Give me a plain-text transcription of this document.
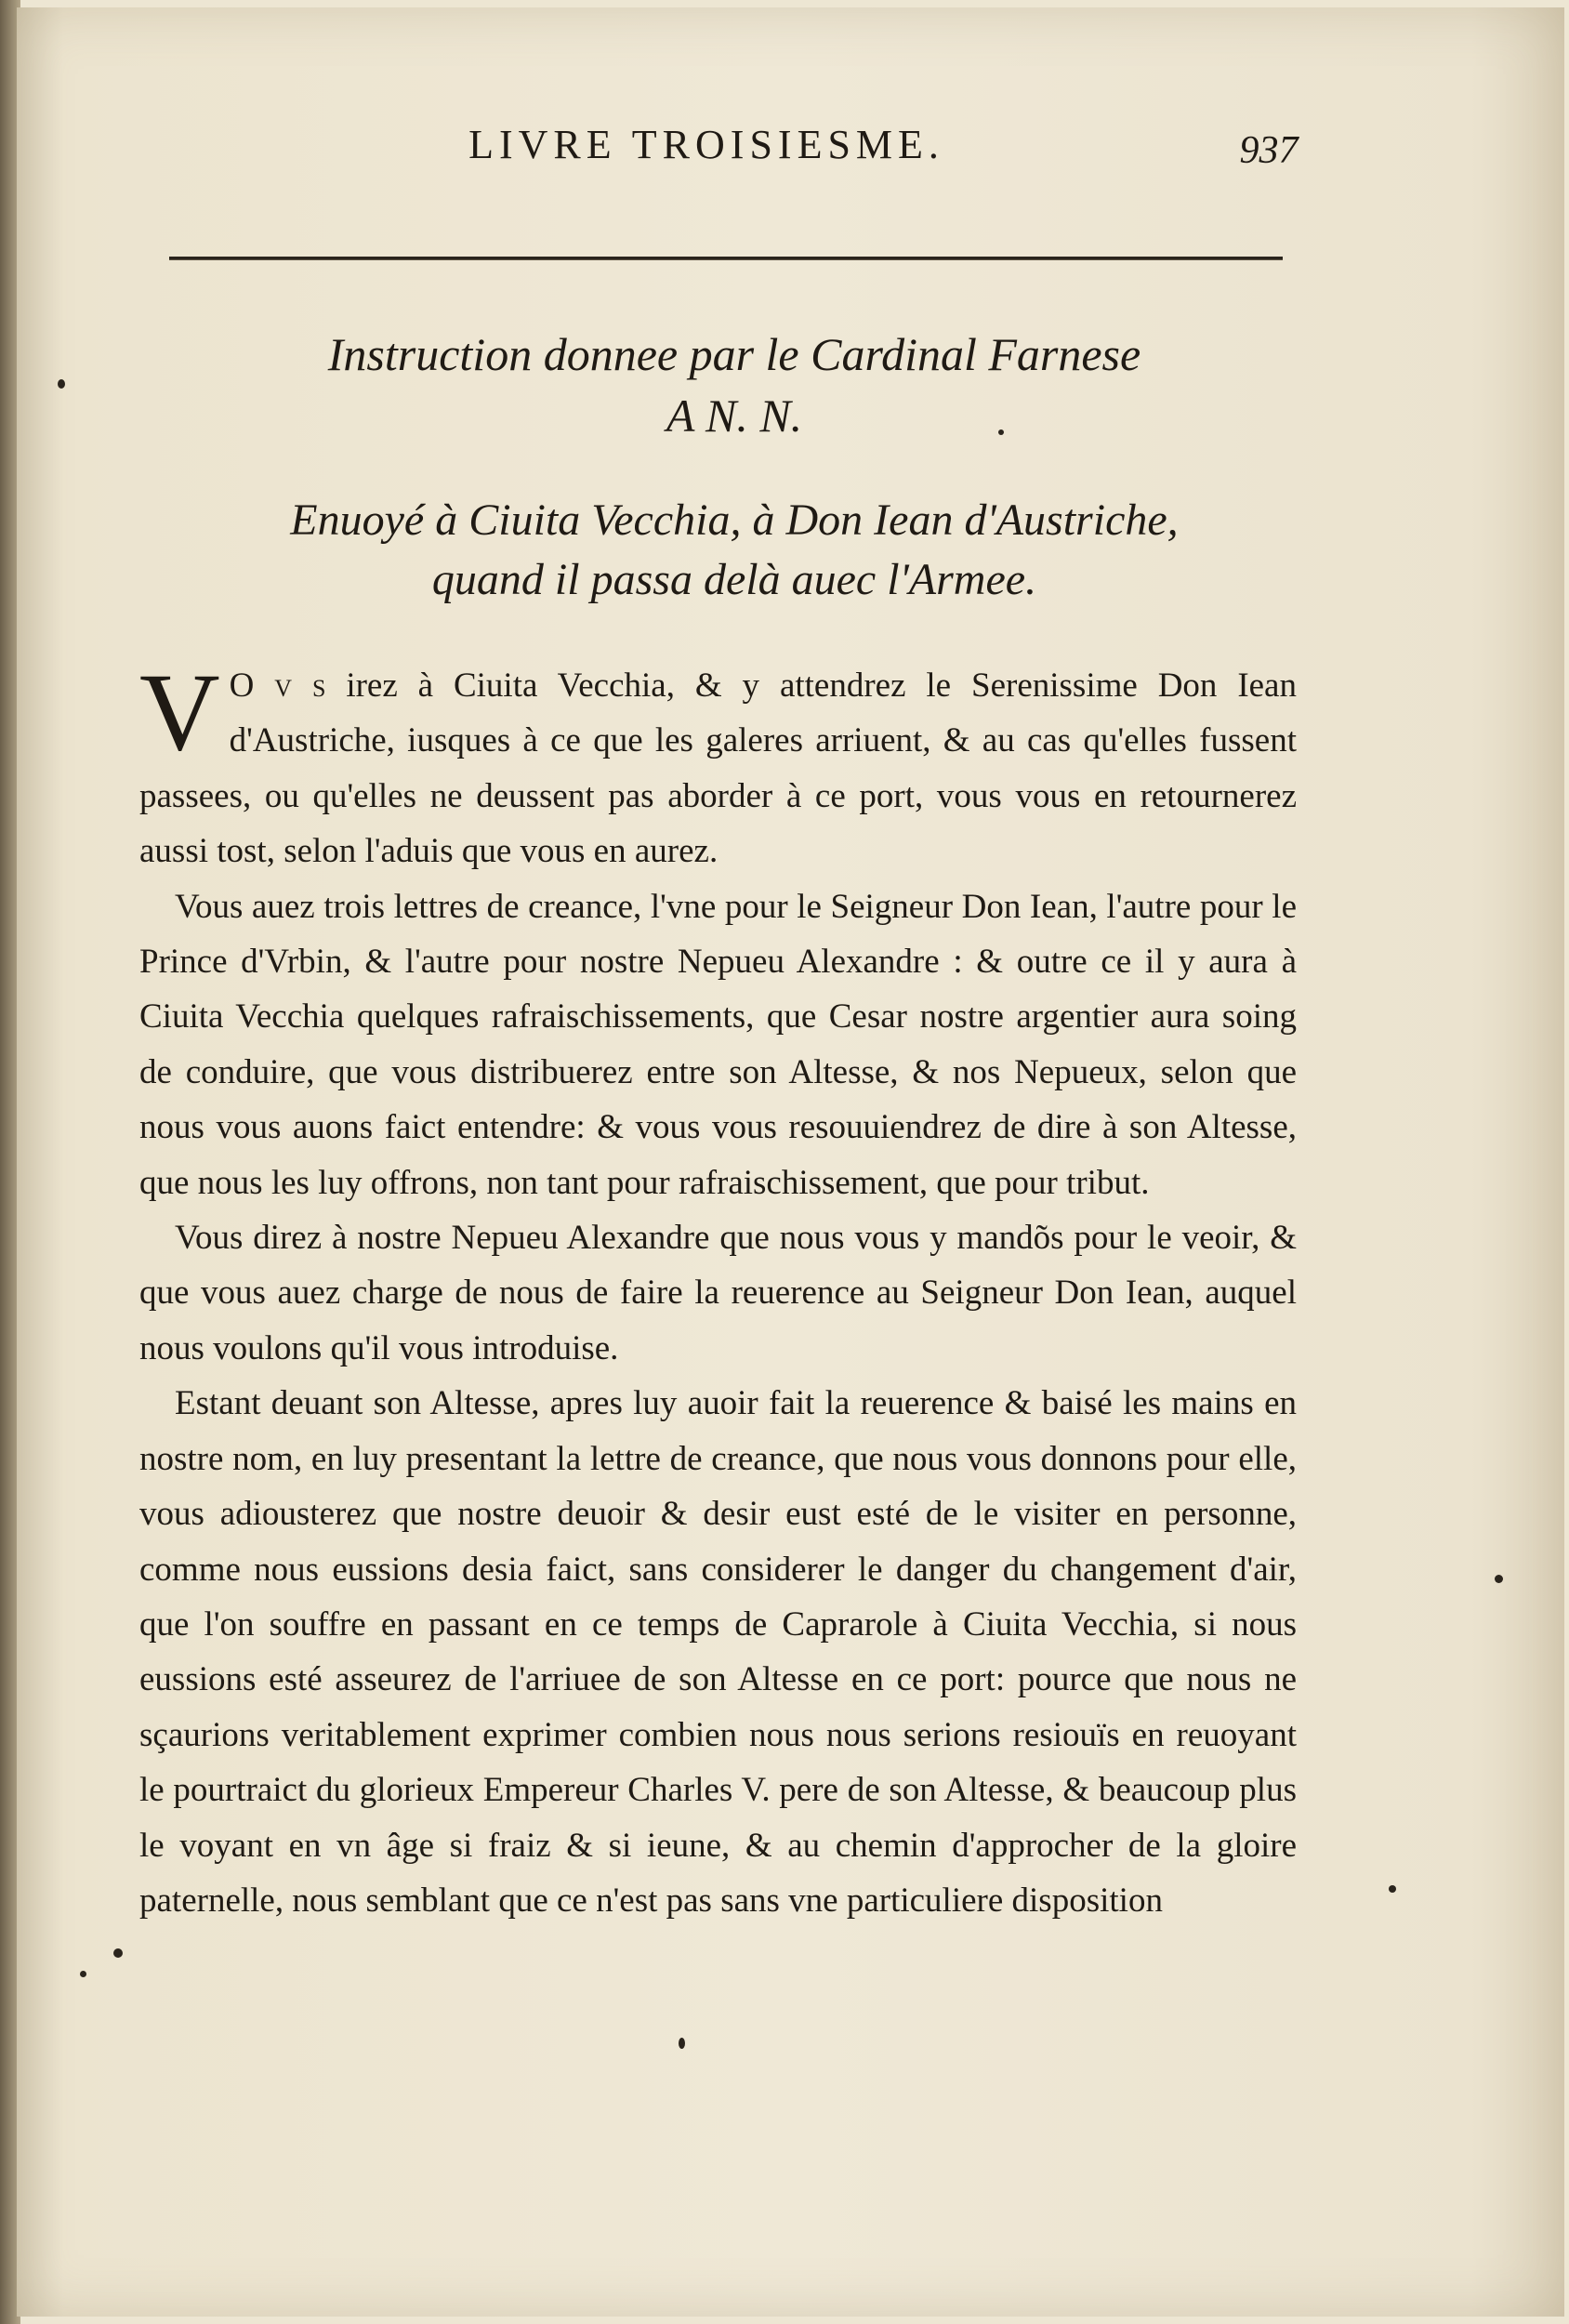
LIVRE TROISIESME.	937
Instruction donnee par le Cardinal Farnese
A N. N.
Enuoyé à Ciuita Vecchia, à Don Iean d'Austriche,
quand il passa delà auec l'Armee.

V O v s irez à Ciuita Vecchia, & y attendrez le Serenissime Don Iean d'Austriche, iusques à ce que les galeres arriuent, & au cas qu'elles fussent passees, ou qu'elles ne deussent pas aborder à ce port, vous vous en retournerez aussi tost, selon l'aduis que vous en aurez.

Vous auez trois lettres de creance, l'vne pour le Seigneur Don Iean, l'autre pour le Prince d'Vrbin, & l'autre pour nostre Nepueu Alexandre : & outre ce il y aura à Ciuita Vecchia quelques rafraischissements, que Cesar nostre argentier aura soing de conduire, que vous distribuerez entre son Altesse, & nos Nepueux, selon que nous vous auons faict entendre: & vous vous resouuiendrez de dire à son Altesse, que nous les luy offrons, non tant pour rafraischissement, que pour tribut.

Vous direz à nostre Nepueu Alexandre que nous vous y mandõs pour le veoir, & que vous auez charge de nous de faire la reuerence au Seigneur Don Iean, auquel nous voulons qu'il vous introduise.

Estant deuant son Altesse, apres luy auoir fait la reuerence & baisé les mains en nostre nom, en luy presentant la lettre de creance, que nous vous donnons pour elle, vous adiousterez que nostre deuoir & desir eust esté de le visiter en personne, comme nous eussions desia faict, sans considerer le danger du changement d'air, que l'on souffre en passant en ce temps de Caprarole à Ciuita Vecchia, si nous eussions esté asseurez de l'arriuee de son Altesse en ce port: pource que nous ne sçaurions veritablement exprimer combien nous nous serions resiouïs en reuoyant le pourtraict du glorieux Empereur Charles V. pere de son Altesse, & beaucoup plus le voyant en vn âge si fraiz & si ieune, & au chemin d'approcher de la gloire paternelle, nous semblant que ce n'est pas sans vne particuliere disposition
